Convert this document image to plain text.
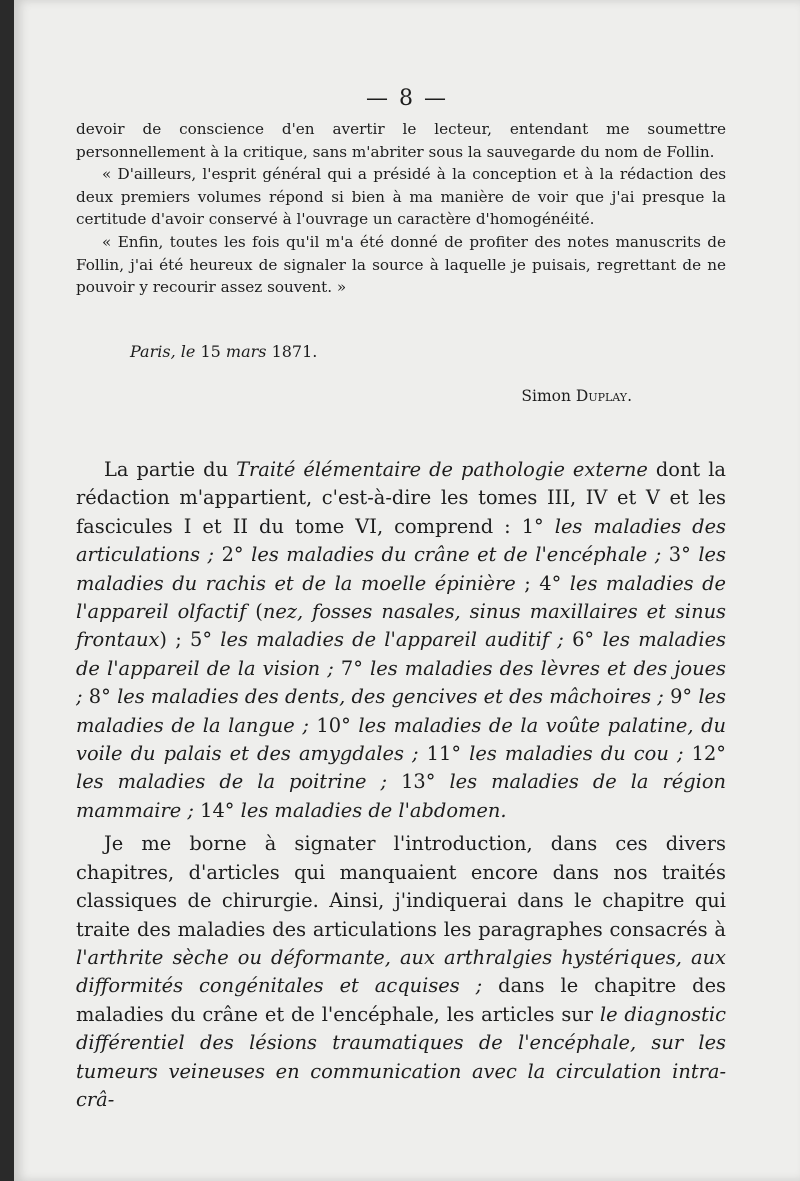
— 8 —

devoir de conscience d'en avertir le lecteur, entendant me soumettre personnellement à la critique, sans m'abriter sous la sauvegarde du nom de Follin.

« D'ailleurs, l'esprit général qui a présidé à la conception et à la rédaction des deux premiers volumes répond si bien à ma manière de voir que j'ai presque la certitude d'avoir conservé à l'ouvrage un caractère d'homogénéité.

« Enfin, toutes les fois qu'il m'a été donné de profiter des notes manuscrits de Follin, j'ai été heureux de signaler la source à laquelle je puisais, regrettant de ne pouvoir y recourir assez souvent. »

Paris, le 15 mars 1871.
Simon Duplay.

La partie du Traité élémentaire de pathologie externe dont la rédaction m'appartient, c'est-à-dire les tomes III, IV et V et les fascicules I et II du tome VI, comprend : 1° les maladies des articulations ; 2° les maladies du crâne et de l'encéphale ; 3° les maladies du rachis et de la moelle épinière ; 4° les maladies de l'appareil olfactif (nez, fosses nasales, sinus maxillaires et sinus frontaux) ; 5° les maladies de l'appareil auditif ; 6° les maladies de l'appareil de la vision ; 7° les maladies des lèvres et des joues ; 8° les maladies des dents, des gencives et des mâchoires ; 9° les maladies de la langue ; 10° les maladies de la voûte palatine, du voile du palais et des amygdales ; 11° les maladies du cou ; 12° les maladies de la poitrine ; 13° les maladies de la région mammaire ; 14° les maladies de l'abdomen.

Je me borne à signater l'introduction, dans ces divers chapitres, d'articles qui manquaient encore dans nos traités classiques de chirurgie. Ainsi, j'indiquerai dans le chapitre qui traite des maladies des articulations les paragraphes consacrés à l'arthrite sèche ou déformante, aux arthralgies hystériques, aux difformités congénitales et acquises ; dans le chapitre des maladies du crâne et de l'encéphale, les articles sur le diagnostic différentiel des lésions traumatiques de l'encéphale, sur les tumeurs veineuses en communication avec la circulation intra-crâ-
